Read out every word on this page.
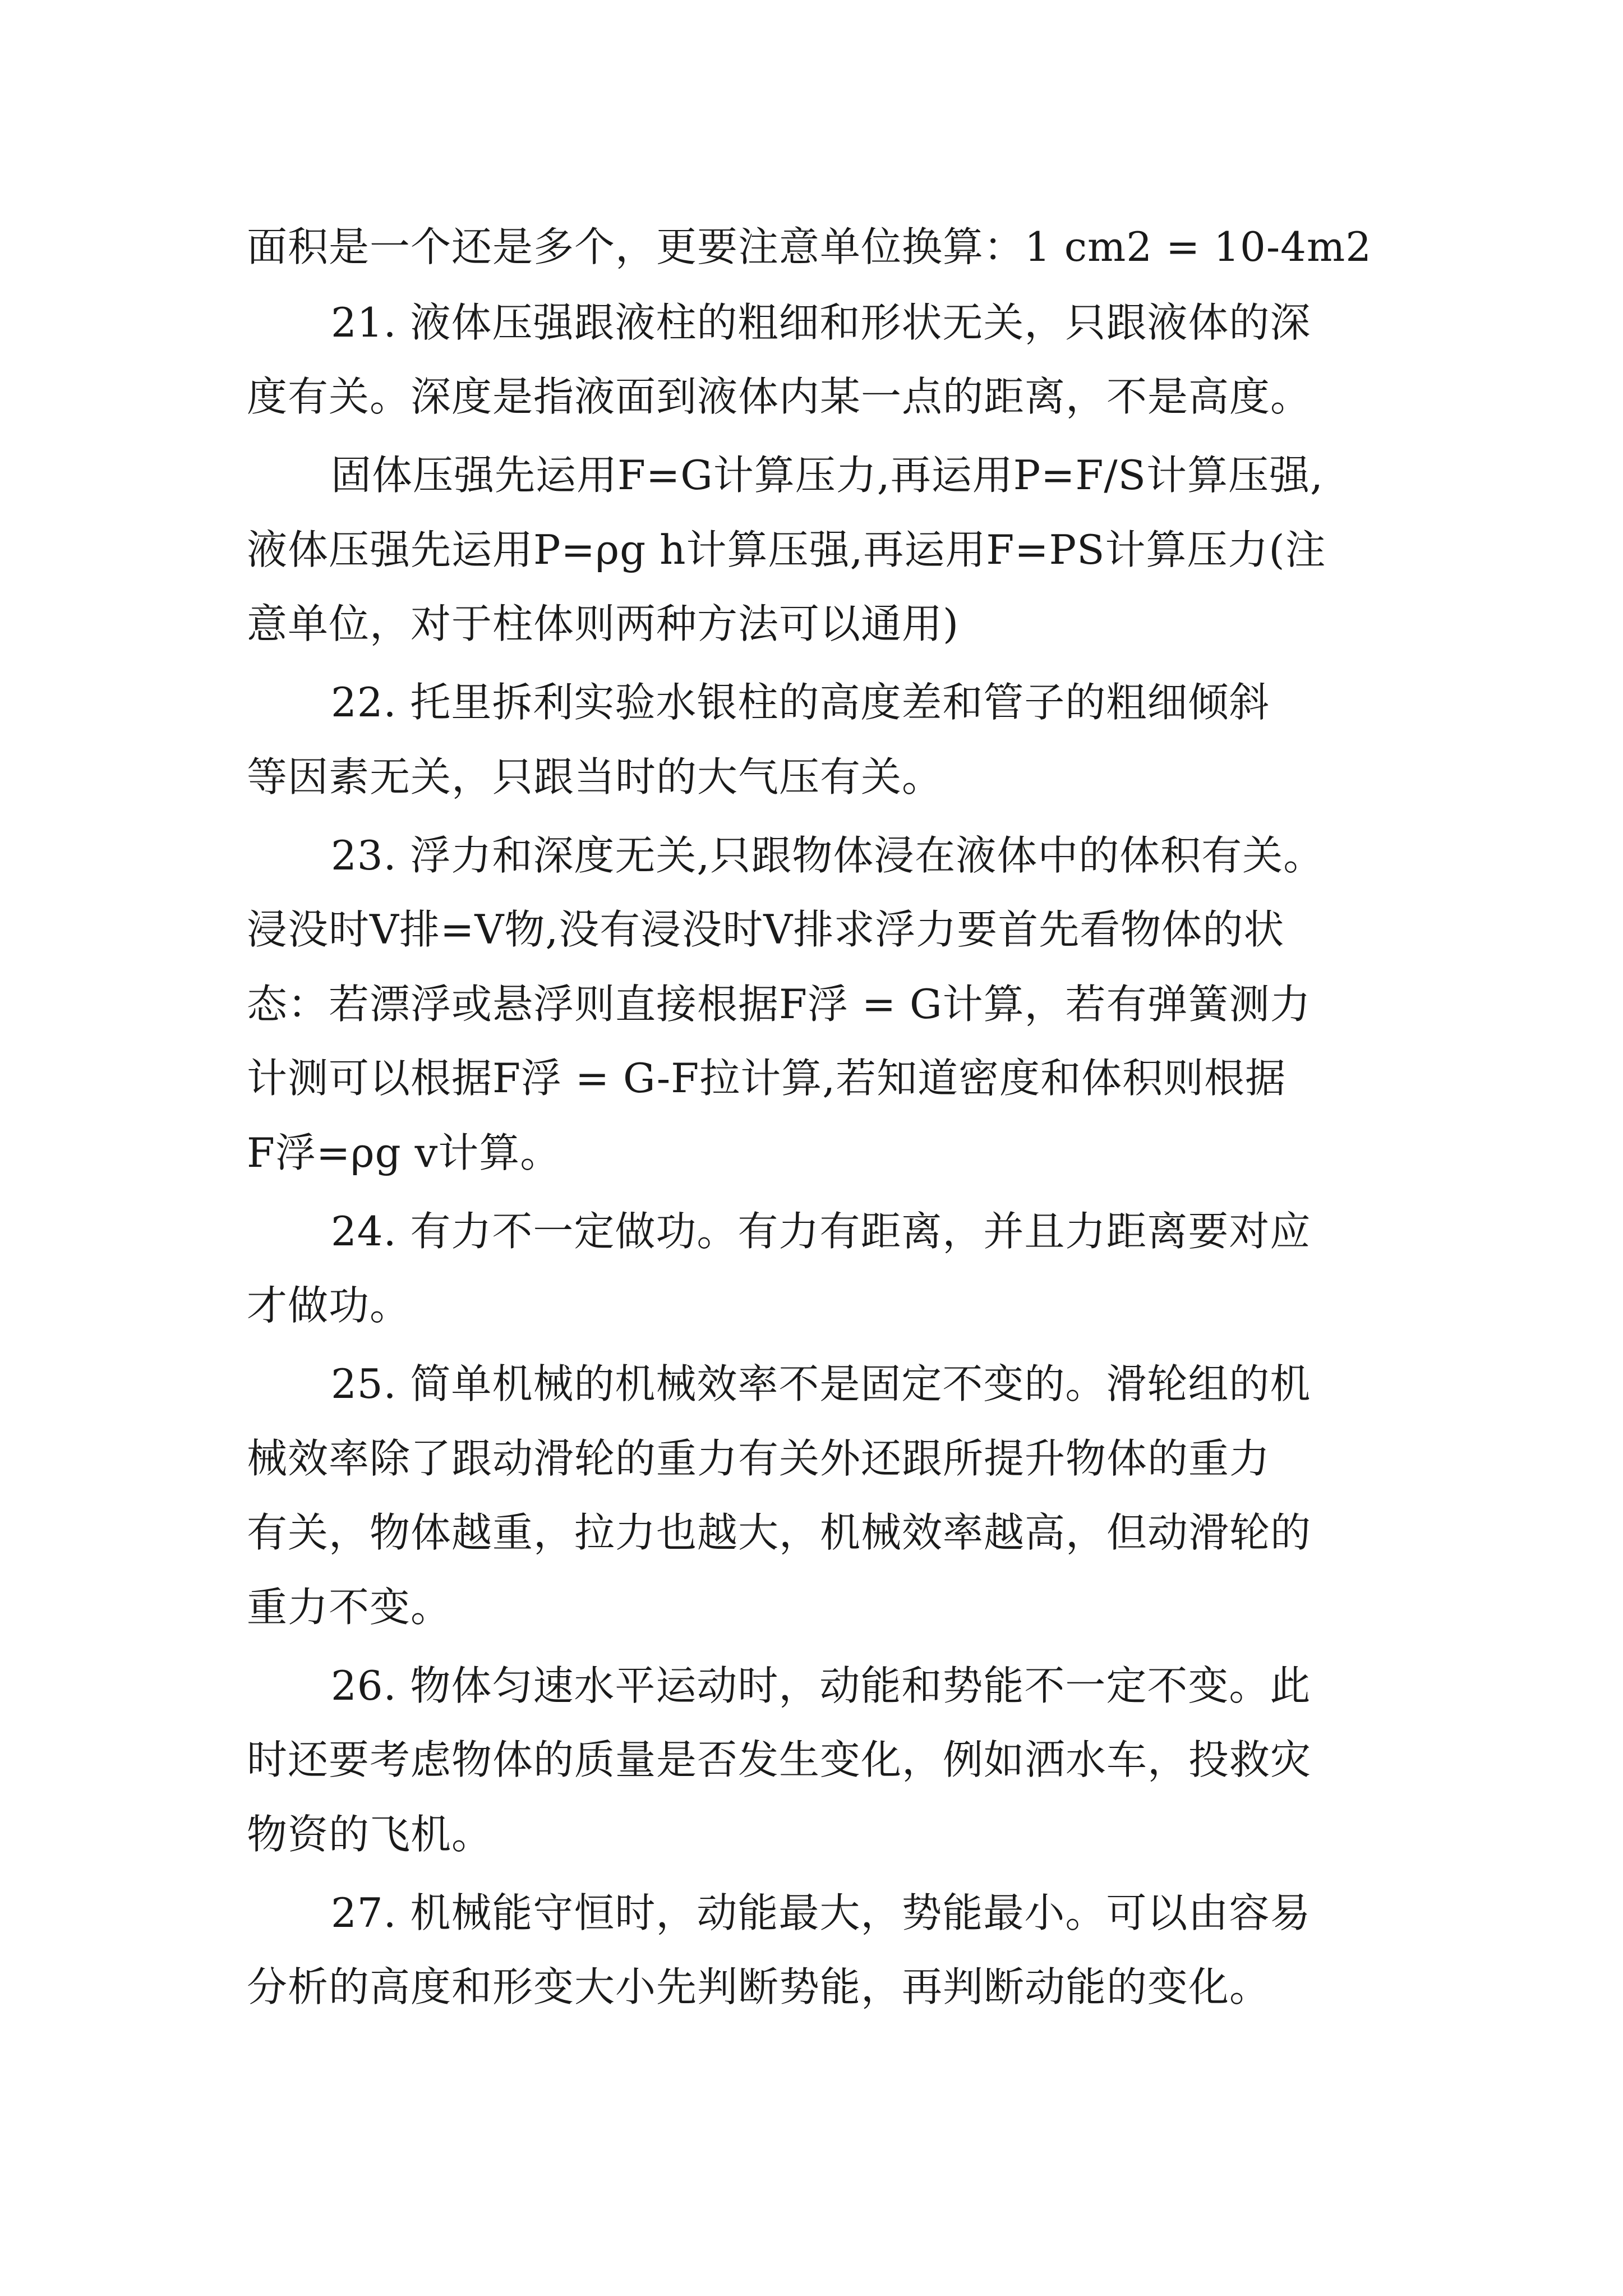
面积是一个还是多个，更要注意单位换算：1 cm2 = 10-4m2
21. 液体压强跟液柱的粗细和形状无关，只跟液体的深
度有关。深度是指液面到液体内某一点的距离，不是高度。
固体压强先运用F=G计算压力,再运用P=F/S计算压强,
液体压强先运用P=ρg h计算压强,再运用F=PS计算压力(注
意单位，对于柱体则两种方法可以通用)
22. 托里拆利实验水银柱的高度差和管子的粗细倾斜
等因素无关，只跟当时的大气压有关。
23. 浮力和深度无关,只跟物体浸在液体中的体积有关。
浸没时V排=V物,没有浸没时V排求浮力要首先看物体的状
态：若漂浮或悬浮则直接根据F浮 = G计算，若有弹簧测力
计测可以根据F浮 = G-F拉计算,若知道密度和体积则根据
F浮=ρg v计算。
24. 有力不一定做功。有力有距离，并且力距离要对应
才做功。
25. 简单机械的机械效率不是固定不变的。滑轮组的机
械效率除了跟动滑轮的重力有关外还跟所提升物体的重力
有关，物体越重，拉力也越大，机械效率越高，但动滑轮的
重力不变。
26. 物体匀速水平运动时，动能和势能不一定不变。此
时还要考虑物体的质量是否发生变化，例如洒水车，投救灾
物资的飞机。
27. 机械能守恒时，动能最大，势能最小。可以由容易
分析的高度和形变大小先判断势能，再判断动能的变化。
